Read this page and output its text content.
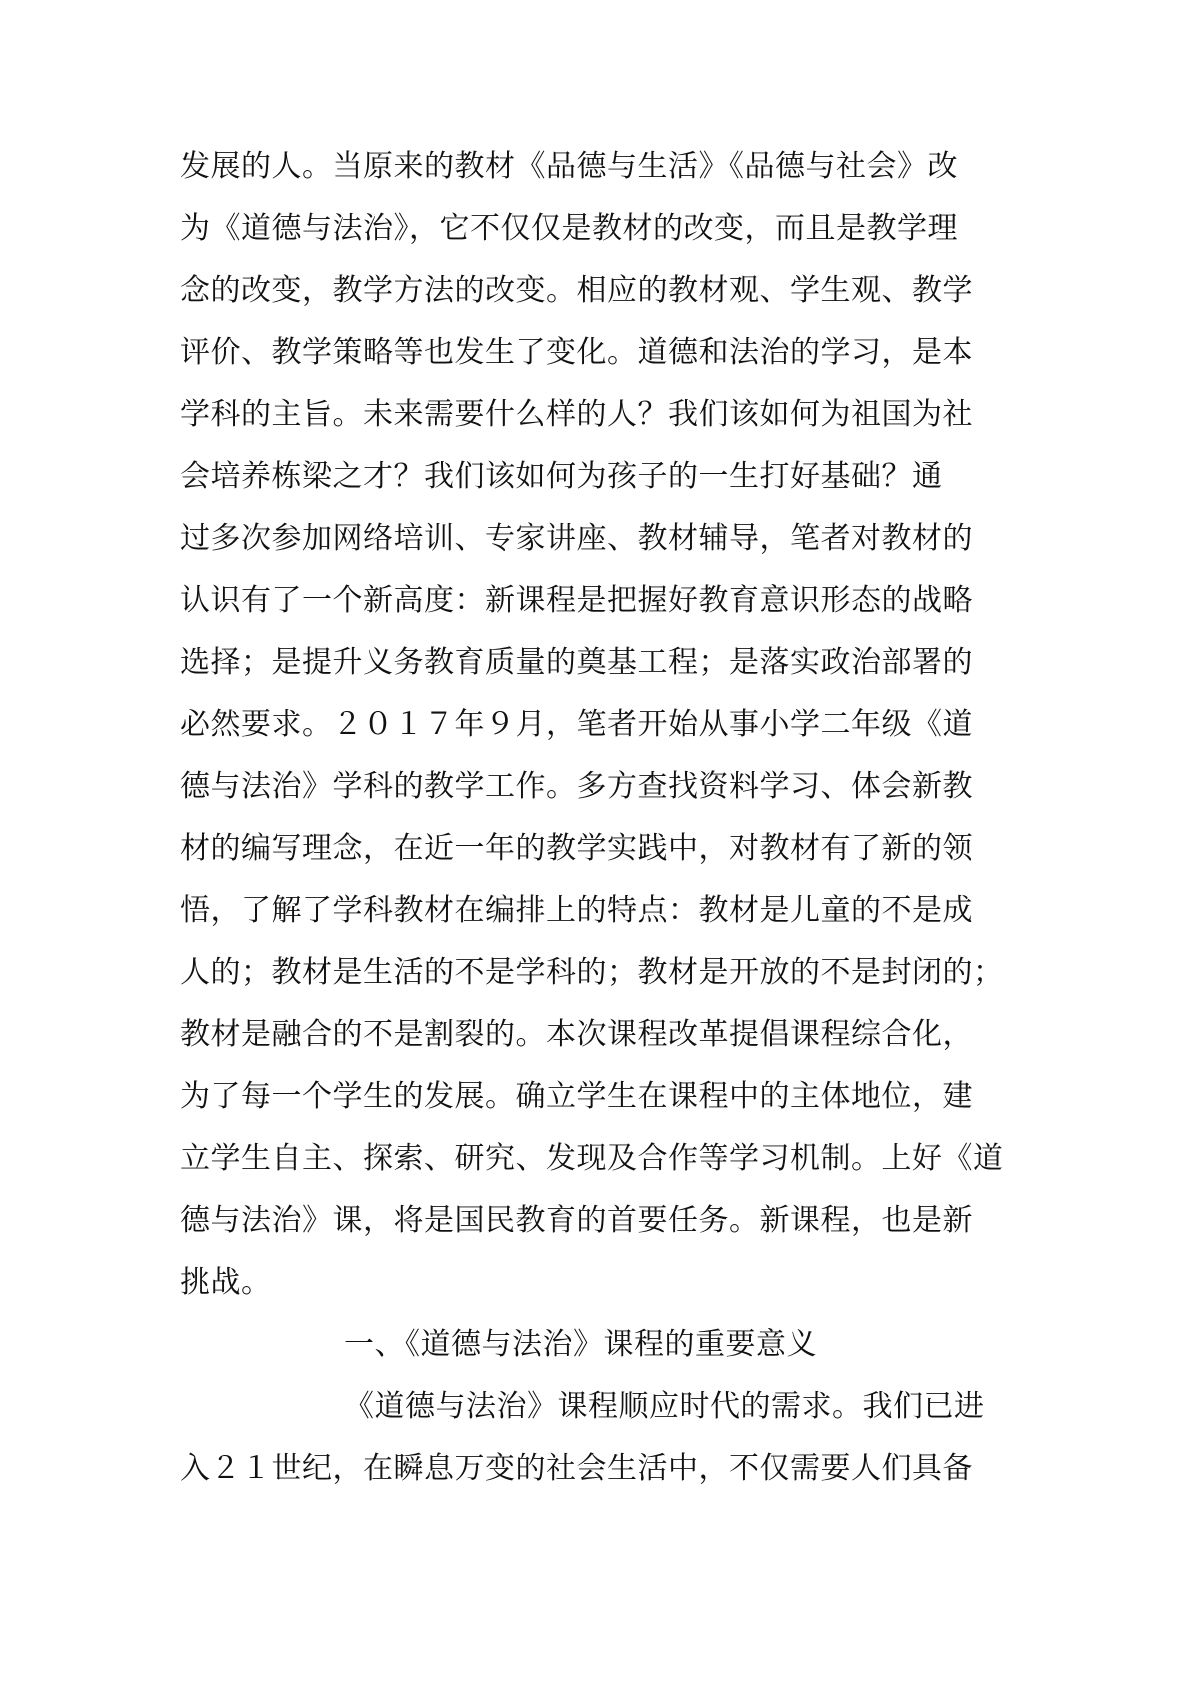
发展的人。当原来的教材《品德与生活》《品德与社会》改
为《道德与法治》，它不仅仅是教材的改变，而且是教学理
念的改变，教学方法的改变。相应的教材观、学生观、教学
评价、教学策略等也发生了变化。道德和法治的学习，是本
学科的主旨。未来需要什么样的人？我们该如何为祖国为社
会培养栋梁之才？我们该如何为孩子的一生打好基础？通
过多次参加网络培训、专家讲座、教材辅导，笔者对教材的
认识有了一个新高度：新课程是把握好教育意识形态的战略
选择；是提升义务教育质量的奠基工程；是落实政治部署的
必然要求。２０１７年９月，笔者开始从事小学二年级《道
德与法治》学科的教学工作。多方查找资料学习、体会新教
材的编写理念，在近一年的教学实践中，对教材有了新的领
悟，了解了学科教材在编排上的特点：教材是儿童的不是成
人的；教材是生活的不是学科的；教材是开放的不是封闭的；
教材是融合的不是割裂的。本次课程改革提倡课程综合化，
为了每一个学生的发展。确立学生在课程中的主体地位，建
立学生自主、探索、研究、发现及合作等学习机制。上好《道
德与法治》课，将是国民教育的首要任务。新课程，也是新
挑战。
一、《道德与法治》课程的重要意义
《道德与法治》课程顺应时代的需求。我们已进
入２１世纪，在瞬息万变的社会生活中，不仅需要人们具备
